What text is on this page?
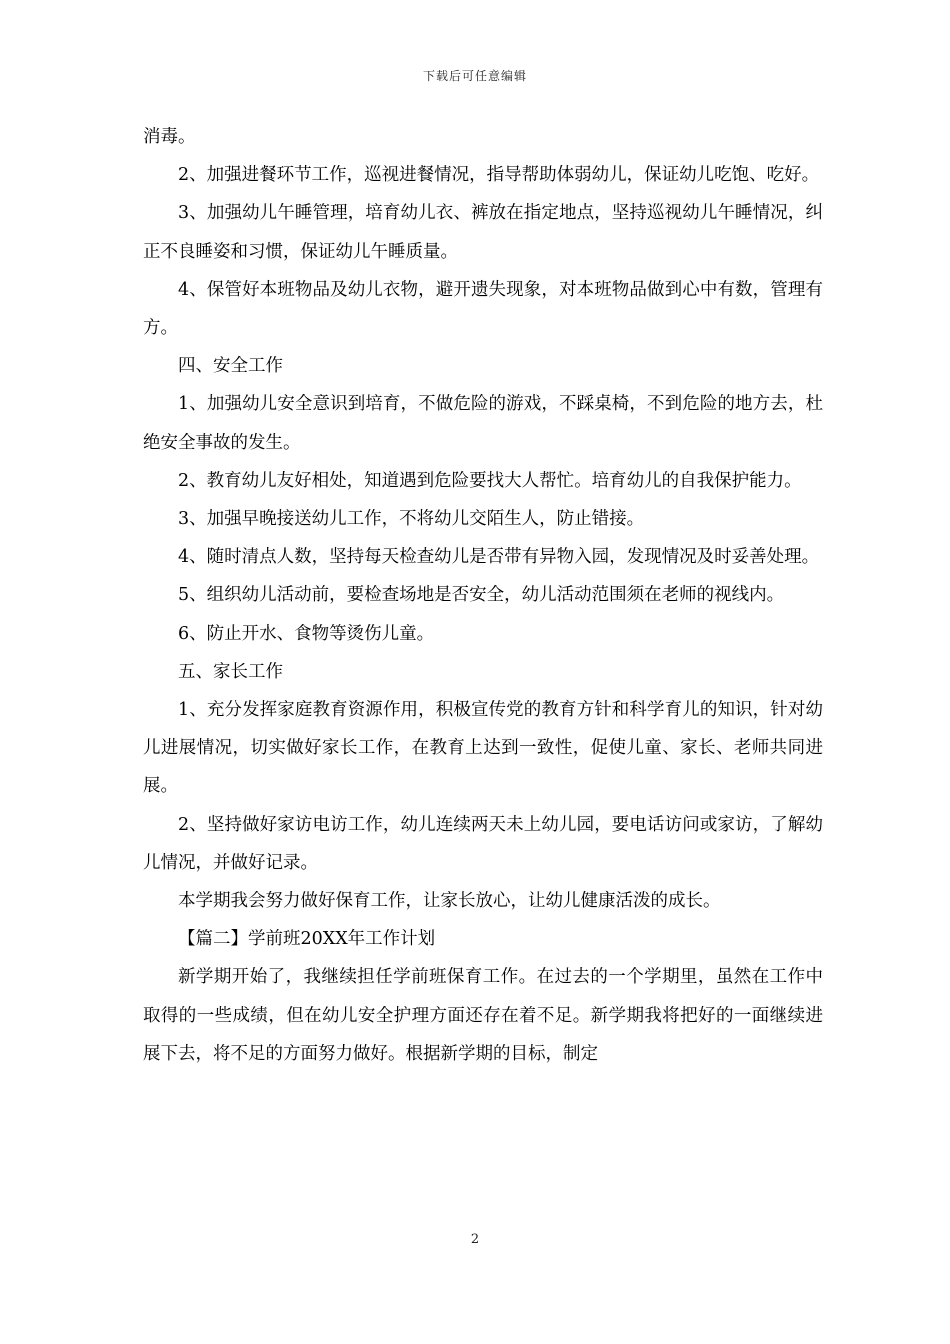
下载后可任意编辑

消毒。

2、加强进餐环节工作，巡视进餐情况，指导帮助体弱幼儿，保证幼儿吃饱、吃好。

3、加强幼儿午睡管理，培育幼儿衣、裤放在指定地点，坚持巡视幼儿午睡情况，纠正不良睡姿和习惯，保证幼儿午睡质量。

4、保管好本班物品及幼儿衣物，避开遗失现象，对本班物品做到心中有数，管理有方。

四、安全工作

1、加强幼儿安全意识到培育，不做危险的游戏，不踩桌椅，不到危险的地方去，杜绝安全事故的发生。

2、教育幼儿友好相处，知道遇到危险要找大人帮忙。培育幼儿的自我保护能力。

3、加强早晚接送幼儿工作，不将幼儿交陌生人，防止错接。

4、随时清点人数，坚持每天检查幼儿是否带有异物入园，发现情况及时妥善处理。

5、组织幼儿活动前，要检查场地是否安全，幼儿活动范围须在老师的视线内。

6、防止开水、食物等烫伤儿童。

五、家长工作

1、充分发挥家庭教育资源作用，积极宣传党的教育方针和科学育儿的知识，针对幼儿进展情况，切实做好家长工作，在教育上达到一致性，促使儿童、家长、老师共同进展。

2、坚持做好家访电访工作，幼儿连续两天未上幼儿园，要电话访问或家访，了解幼儿情况，并做好记录。

本学期我会努力做好保育工作，让家长放心，让幼儿健康活泼的成长。

【篇二】学前班20XX年工作计划

新学期开始了，我继续担任学前班保育工作。在过去的一个学期里，虽然在工作中取得的一些成绩，但在幼儿安全护理方面还存在着不足。新学期我将把好的一面继续进展下去，将不足的方面努力做好。根据新学期的目标，制定

2
